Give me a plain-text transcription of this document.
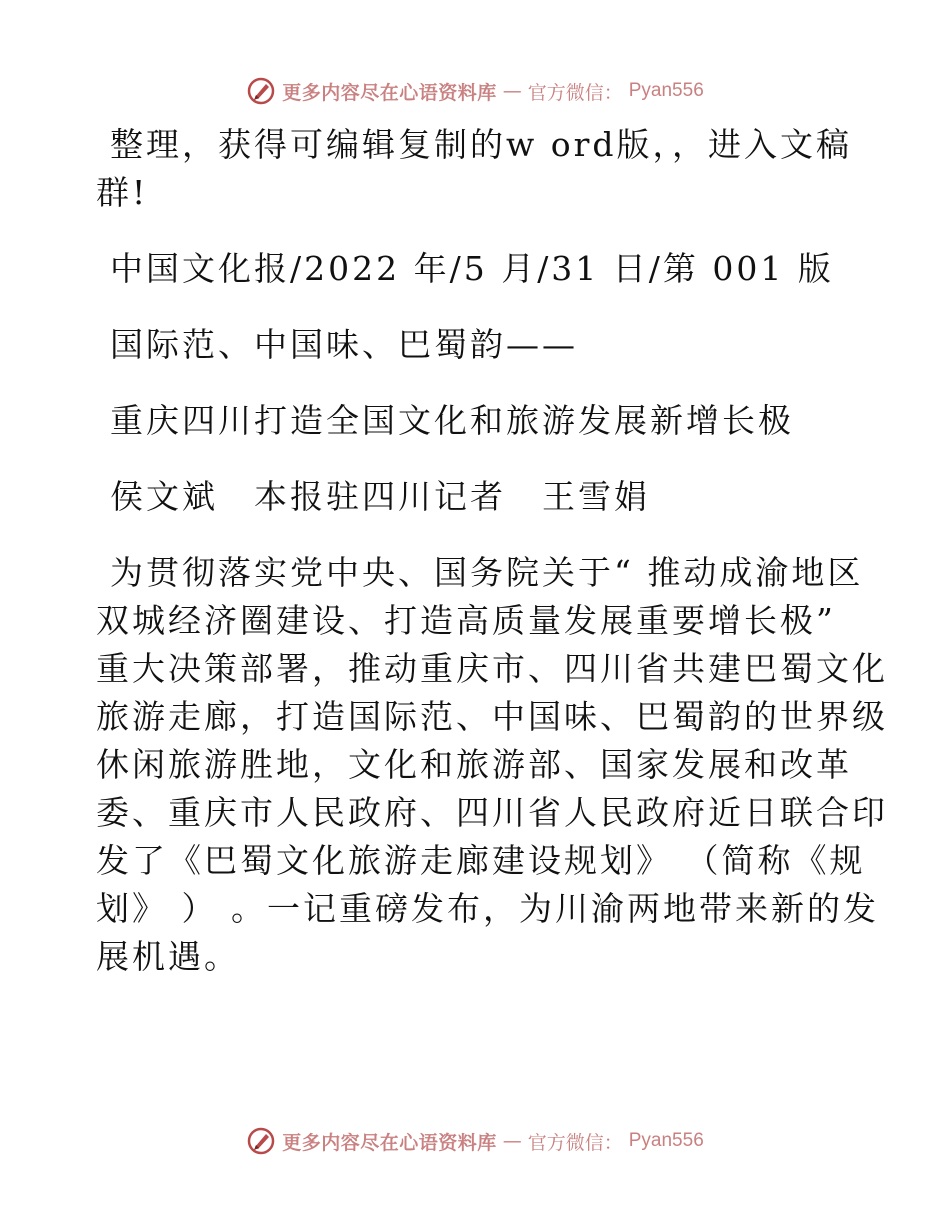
更多内容尽在心语资料库 — 官方微信： Pyan556

整理，获得可编辑复制的w ord版，，进入文稿

群!

中国文化报/2022 年/5 月/31 日/第 001 版

国际范、中国味、巴蜀韵——

重庆四川打造全国文化和旅游发展新增长极

侯文斌　本报驻四川记者　王雪娟

为贯彻落实党中央、国务院关于“ 推动成渝地区

双城经济圈建设、打造高质量发展重要增长极”

重大决策部署，推动重庆市、四川省共建巴蜀文化

旅游走廊，打造国际范、中国味、巴蜀韵的世界级

休闲旅游胜地，文化和旅游部、国家发展和改革

委、重庆市人民政府、四川省人民政府近日联合印

发了《巴蜀文化旅游走廊建设规划》 （简称《规

划》 ） 。一记重磅发布，为川渝两地带来新的发

展机遇。

更多内容尽在心语资料库 — 官方微信： Pyan556
